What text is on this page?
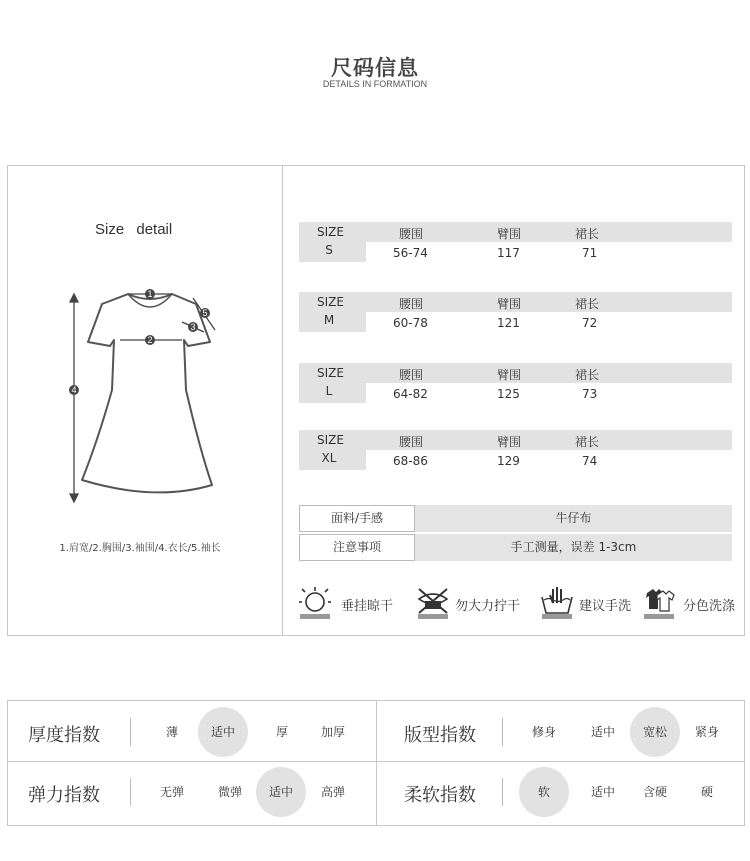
尺码信息
DETAILS IN FORMATION
Size detail
1
2
3
4
5
1.肩宽/2.胸围/3.袖围/4.衣长/5.袖长
SIZE	腰围	臂围	裙长
S	56-74	117	71
SIZE	腰围	臂围	裙长
M	60-78	121	72
SIZE	腰围	臂围	裙长
L	64-82	125	73
SIZE	腰围	臂围	裙长
XL	68-86	129	74
面料/手感	牛仔布
注意事项	手工测量，误差 1-3cm
垂挂晾干	勿大力拧干	建议手洗	分色洗涤
厚度指数	薄	适中	厚	加厚	版型指数	修身	适中	宽松	紧身
弹力指数	无弹	微弹	适中	高弹	柔软指数	软	适中	含硬	硬
